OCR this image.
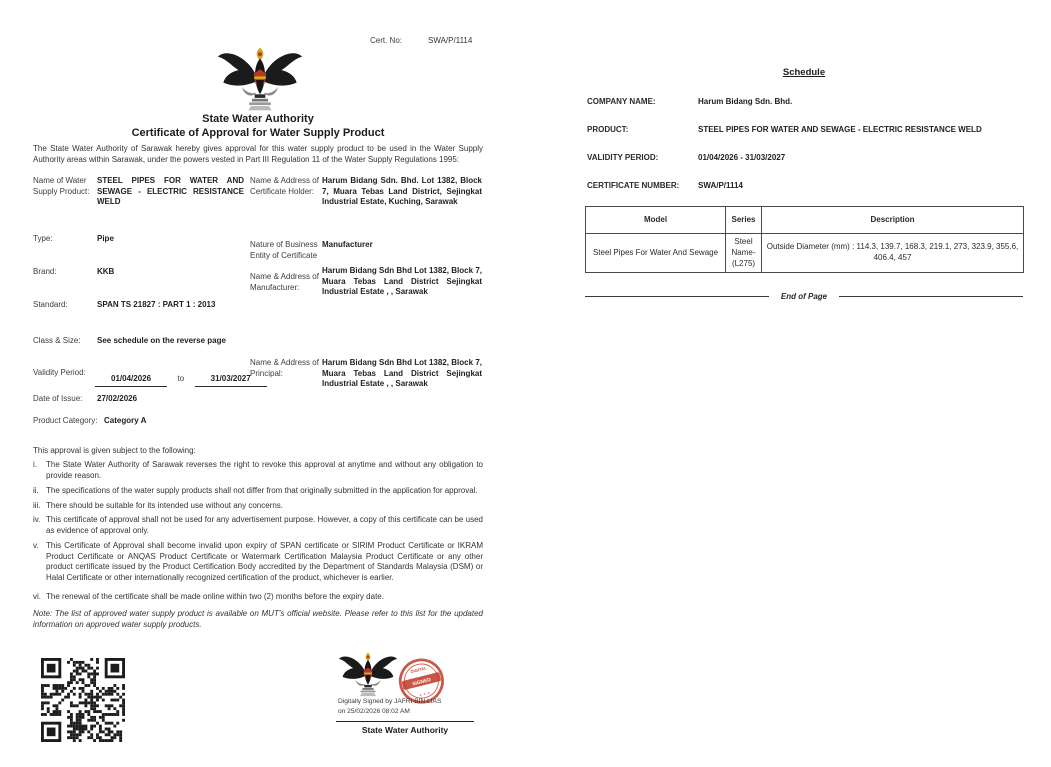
Cert. No:	SWA/P/1114
State Water Authority
Certificate of Approval for Water Supply Product
The State Water Authority of Sarawak hereby gives approval for this water supply product to be used in the Water Supply Authority areas within Sarawak, under the powers vested in Part III Regulation 11 of the Water Supply Regulations 1995:
Name of Water Supply Product:
STEEL PIPES FOR WATER AND SEWAGE - ELECTRIC RESISTANCE WELD
Name & Address of Certificate Holder:
Harum Bidang Sdn. Bhd. Lot 1382, Block 7, Muara Tebas Land District, Sejingkat Industrial Estate, Kuching, Sarawak
Type:	Pipe
Nature of Business Entity of Certificate
Manufacturer
Brand:	KKB
Name & Address of Manufacturer:
Harum Bidang Sdn Bhd Lot 1382, Block 7, Muara Tebas Land District Sejingkat Industrial Estate , , Sarawak
Standard:	SPAN TS 21827 : PART 1 : 2013
Class & Size: See schedule on the reverse page
Validity Period:
01/04/2026	to	31/03/2027
Name & Address of Principal:
Harum Bidang Sdn Bhd Lot 1382, Block 7, Muara Tebas Land District Sejingkat Industrial Estate , , Sarawak
Date of Issue: 27/02/2026
Product Category: Category A
This approval is given subject to the following:
i.	The State Water Authority of Sarawak reverses the right to revoke this approval at anytime and without any obligation to provide reason.
ii. The specifications of the water supply products shall not differ from that originally submitted in the application for approval.
iii. There should be suitable for its intended use without any concerns.
iv. This certificate of approval shall not be used for any advertisement purpose. However, a copy of this certificate can be used as evidence of approval only.
v. This Certificate of Approval shall become invalid upon expiry of SPAN certificate or SIRIM Product Certificate or IKRAM Product Certificate or ANQAS Product Certificate or Watermark Certification Malaysia Product Certificate or any other product certificate issued by the Product Certification Body accredited by the Department of Standards Malaysia (DSM) or Halal Certificate or other internationally recognized certification of the product, whichever is earlier.
vi. The renewal of the certificate shall be made online within two (2) months before the expiry date.
Note: The list of approved water supply product is available on MUT's official website. Please refer to this list for the updated information on approved water supply products.
DIGITAL
SIGNED
✶ ✶ ✶
Digitally Signed by JAFRI BIN LIAS
on 25/02/2026 08:02 AM
State Water Authority
Schedule
COMPANY NAME:	Harum Bidang Sdn. Bhd.
PRODUCT:	STEEL PIPES FOR WATER AND SEWAGE - ELECTRIC RESISTANCE WELD
VALIDITY PERIOD:	01/04/2026 - 31/03/2027
CERTIFICATE NUMBER: SWA/P/1114
Model	Series	Description
Steel Pipes For Water And Sewage	Steel Name- (L275)	Outside Diameter (mm) : 114.3, 139.7, 168.3, 219.1, 273, 323.9, 355.6, 406.4, 457
End of Page
